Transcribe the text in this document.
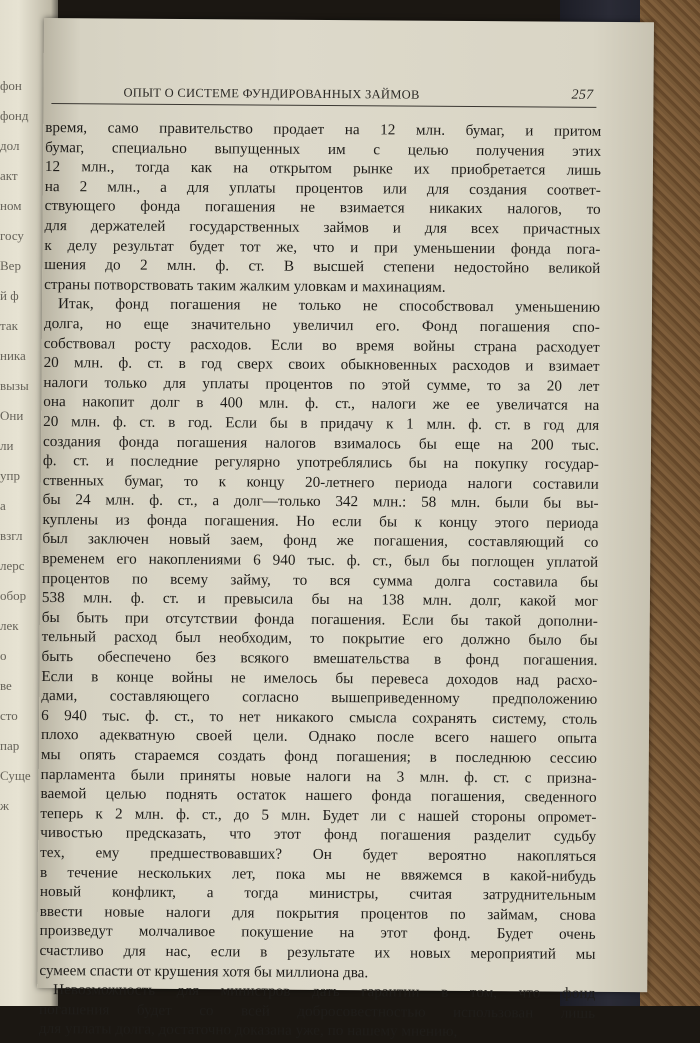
фон
фонд
дол
акт
ном
госу
Вер
й ф
так
ника
вызы
Они
ли
упр
а
взгл
лерс
обор
лек
о
ве
сто
пар
Суще
ж
ОПЫТ О СИСТЕМЕ ФУНДИРОВАННЫХ ЗАЙМОВ	257
время, само правительство продает на 12 млн. бумаг, и притом
бумаг, специально выпущенных им с целью получения этих
12 млн., тогда как на открытом рынке их приобретается лишь
на 2 млн., а для уплаты процентов или для создания соответ-
ствующего фонда погашения не взимается никаких налогов, то
для держателей государственных займов и для всех причастных
к делу результат будет тот же, что и при уменьшении фонда пога-
шения до 2 млн. ф. ст. В высшей степени недостойно великой
страны потворствовать таким жалким уловкам и махинациям.
Итак, фонд погашения не только не способствовал уменьшению
долга, но еще значительно увеличил его. Фонд погашения спо-
собствовал росту расходов. Если во время войны страна расходует
20 млн. ф. ст. в год сверх своих обыкновенных расходов и взимает
налоги только для уплаты процентов по этой сумме, то за 20 лет
она накопит долг в 400 млн. ф. ст., налоги же ее увеличатся на
20 млн. ф. ст. в год. Если бы в придачу к 1 млн. ф. ст. в год для
создания фонда погашения налогов взималось бы еще на 200 тыс.
ф. ст. и последние регулярно употреблялись бы на покупку государ-
ственных бумаг, то к концу 20-летнего периода налоги составили
бы 24 млн. ф. ст., а долг—только 342 млн.: 58 млн. были бы вы-
куплены из фонда погашения. Но если бы к концу этого периода
был заключен новый заем, фонд же погашения, составляющий со
временем его накоплениями 6 940 тыс. ф. ст., был бы поглощен уплатой
процентов по всему займу, то вся сумма долга составила бы
538 млн. ф. ст. и превысила бы на 138 млн. долг, какой мог
бы быть при отсутствии фонда погашения. Если бы такой дополни-
тельный расход был необходим, то покрытие его должно было бы
быть обеспечено без всякого вмешательства в фонд погашения.
Если в конце войны не имелось бы перевеса доходов над расхо-
дами, составляющего согласно вышеприведенному предположению
6 940 тыс. ф. ст., то нет никакого смысла сохранять систему, столь
плохо адекватную своей цели. Однако после всего нашего опыта
мы опять стараемся создать фонд погашения; в последнюю сессию
парламента были приняты новые налоги на 3 млн. ф. ст. с призна-
ваемой целью поднять остаток нашего фонда погашения, сведенного
теперь к 2 млн. ф. ст., до 5 млн. Будет ли с нашей стороны опромет-
чивостью предсказать, что этот фонд погашения разделит судьбу
тех, ему предшествовавших? Он будет вероятно накопляться
в течение нескольких лет, пока мы не ввяжемся в какой-нибудь
новый конфликт, а тогда министры, считая затруднительным
ввести новые налоги для покрытия процентов по займам, снова
произведут молчаливое покушение на этот фонд. Будет очень
счастливо для нас, если в результате их новых мероприятий мы
сумеем спасти от крушения хотя бы миллиона два.
Невозможность для министров дать гарантии в том, что фонд
погашения будет со всей добросовестностью использован лишь
для уплаты долга, достаточно доказана уже, по нашему мнению,
